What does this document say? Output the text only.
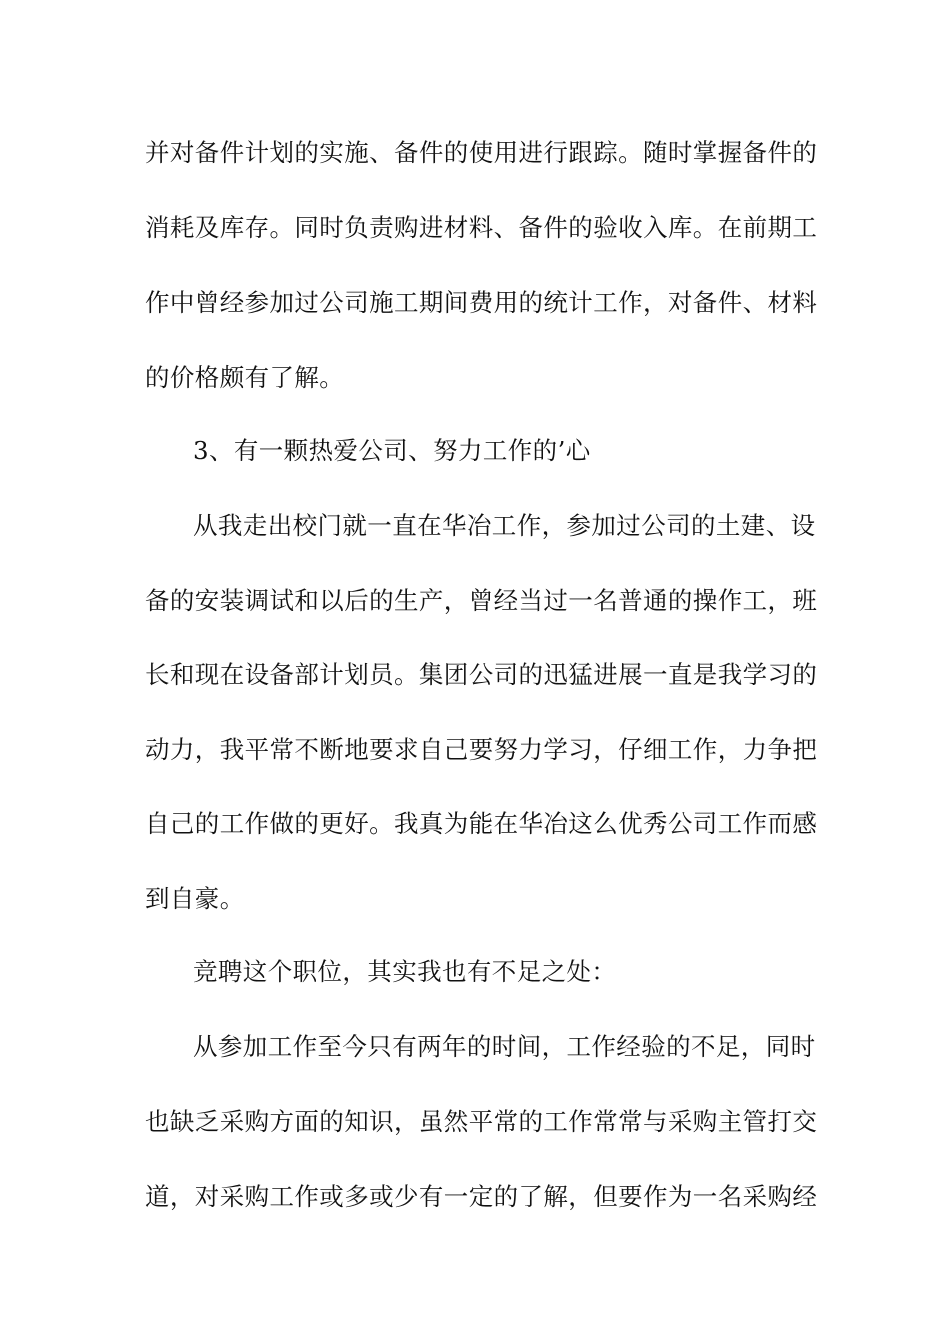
并对备件计划的实施、备件的使用进行跟踪。随时掌握备件的
消耗及库存。同时负责购进材料、备件的验收入库。在前期工
作中曾经参加过公司施工期间费用的统计工作，对备件、材料
的价格颇有了解。
3、有一颗热爱公司、努力工作的’心
从我走出校门就一直在华冶工作，参加过公司的土建、设
备的安装调试和以后的生产，曾经当过一名普通的操作工，班
长和现在设备部计划员。集团公司的迅猛进展一直是我学习的
动力，我平常不断地要求自己要努力学习，仔细工作，力争把
自己的工作做的更好。我真为能在华冶这么优秀公司工作而感
到自豪。
竞聘这个职位，其实我也有不足之处：
从参加工作至今只有两年的时间，工作经验的不足，同时
也缺乏采购方面的知识，虽然平常的工作常常与采购主管打交
道，对采购工作或多或少有一定的了解，但要作为一名采购经
